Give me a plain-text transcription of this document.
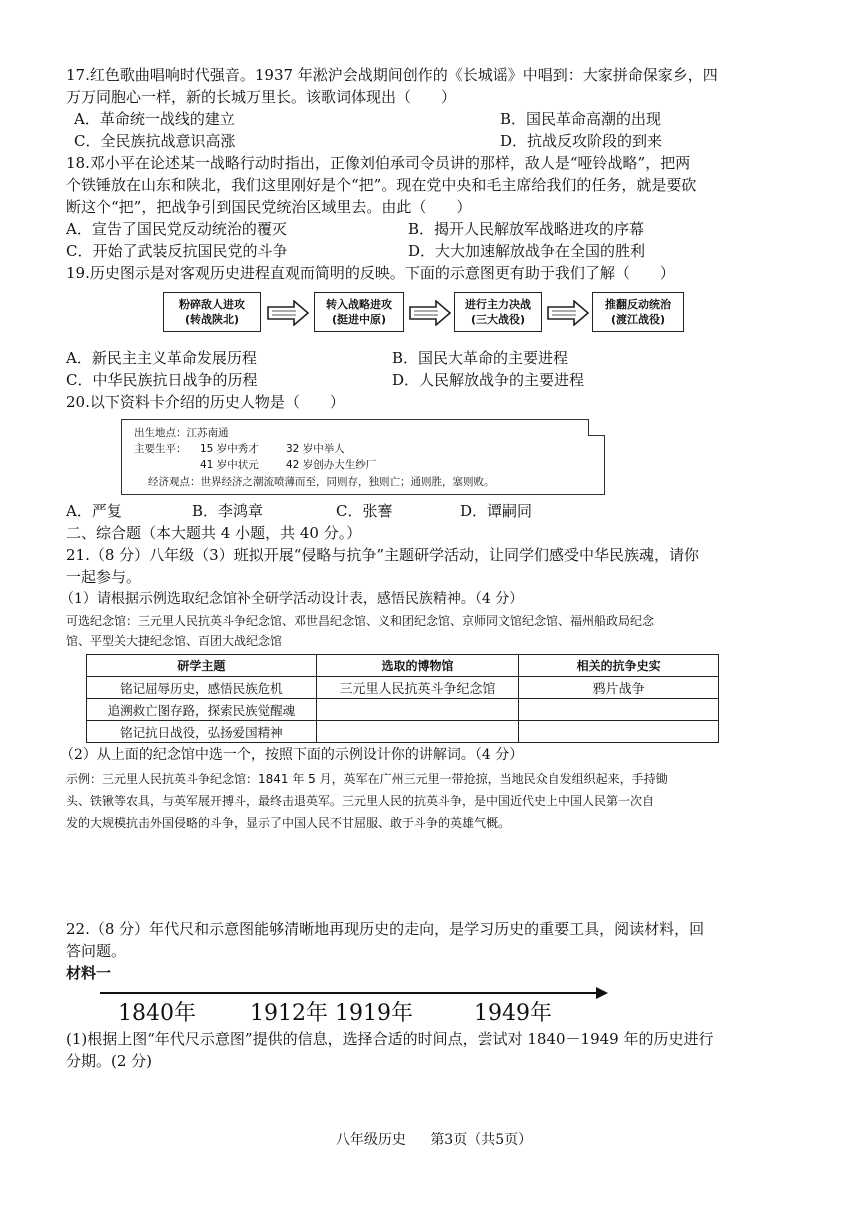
17.红色歌曲唱响时代强音。1937 年淞沪会战期间创作的《长城谣》中唱到：大家拼命保家乡，四
万万同胞心一样，新的长城万里长。该歌词体现出（　　）
A．革命统一战线的建立	B．国民革命高潮的出现
C．全民族抗战意识高涨	D．抗战反攻阶段的到来
18.邓小平在论述某一战略行动时指出，正像刘伯承司令员讲的那样，敌人是“哑铃战略”，把两
个铁锤放在山东和陕北，我们这里刚好是个“把”。现在党中央和毛主席给我们的任务，就是要砍
断这个“把”，把战争引到国民党统治区域里去。由此（　　）
A．宣告了国民党反动统治的覆灭	B．揭开人民解放军战略进攻的序幕
C．开始了武装反抗国民党的斗争	D．大大加速解放战争在全国的胜利
19.历史图示是对客观历史进程直观而简明的反映。下面的示意图更有助于我们了解（　　）
粉碎敌人进攻
(转战陕北)
转入战略进攻
(挺进中原)
进行主力决战
(三大战役)
推翻反动统治
(渡江战役)
A．新民主主义革命发展历程	B．国民大革命的主要进程
C．中华民族抗日战争的历程	D．人民解放战争的主要进程
20.以下资料卡介绍的历史人物是（　　）
出生地点：江苏南通
主要生平： 15 岁中秀才	32 岁中举人
41 岁中状元	42 岁创办大生纱厂
经济观点：世界经济之潮流喷薄而至，同则存，独则亡；通则胜，塞则败。
A．严复	B．李鸿章	C．张謇	D．谭嗣同
二、综合题（本大题共 4 小题，共 40 分。）
21.（8 分）八年级（3）班拟开展“侵略与抗争”主题研学活动，让同学们感受中华民族魂，请你
一起参与。
（1）请根据示例选取纪念馆补全研学活动设计表，感悟民族精神。（4 分）
可选纪念馆：三元里人民抗英斗争纪念馆、邓世昌纪念馆、义和团纪念馆、京师同文馆纪念馆、福州船政局纪念
馆、平型关大捷纪念馆、百团大战纪念馆
研学主题	选取的博物馆	相关的抗争史实
铭记屈辱历史，感悟民族危机	三元里人民抗英斗争纪念馆	鸦片战争
追溯救亡图存路，探索民族觉醒魂		
铭记抗日战役，弘扬爱国精神		
（2）从上面的纪念馆中选一个，按照下面的示例设计你的讲解词。（4 分）
示例：三元里人民抗英斗争纪念馆：1841 年 5 月，英军在广州三元里一带抢掠，当地民众自发组织起来，手持锄
头、铁锹等农具，与英军展开搏斗，最终击退英军。三元里人民的抗英斗争，是中国近代史上中国人民第一次自
发的大规模抗击外国侵略的斗争，显示了中国人民不甘屈服、敢于斗争的英雄气概。
22.（8 分）年代尺和示意图能够清晰地再现历史的走向，是学习历史的重要工具，阅读材料，回
答问题。
材料一
1840年 1912年 1919年	1949年
(1)根据上图“年代尺示意图”提供的信息，选择合适的时间点，尝试对 1840－1949 年的历史进行
分期。(2 分)
八年级历史 第3页（共5页）
